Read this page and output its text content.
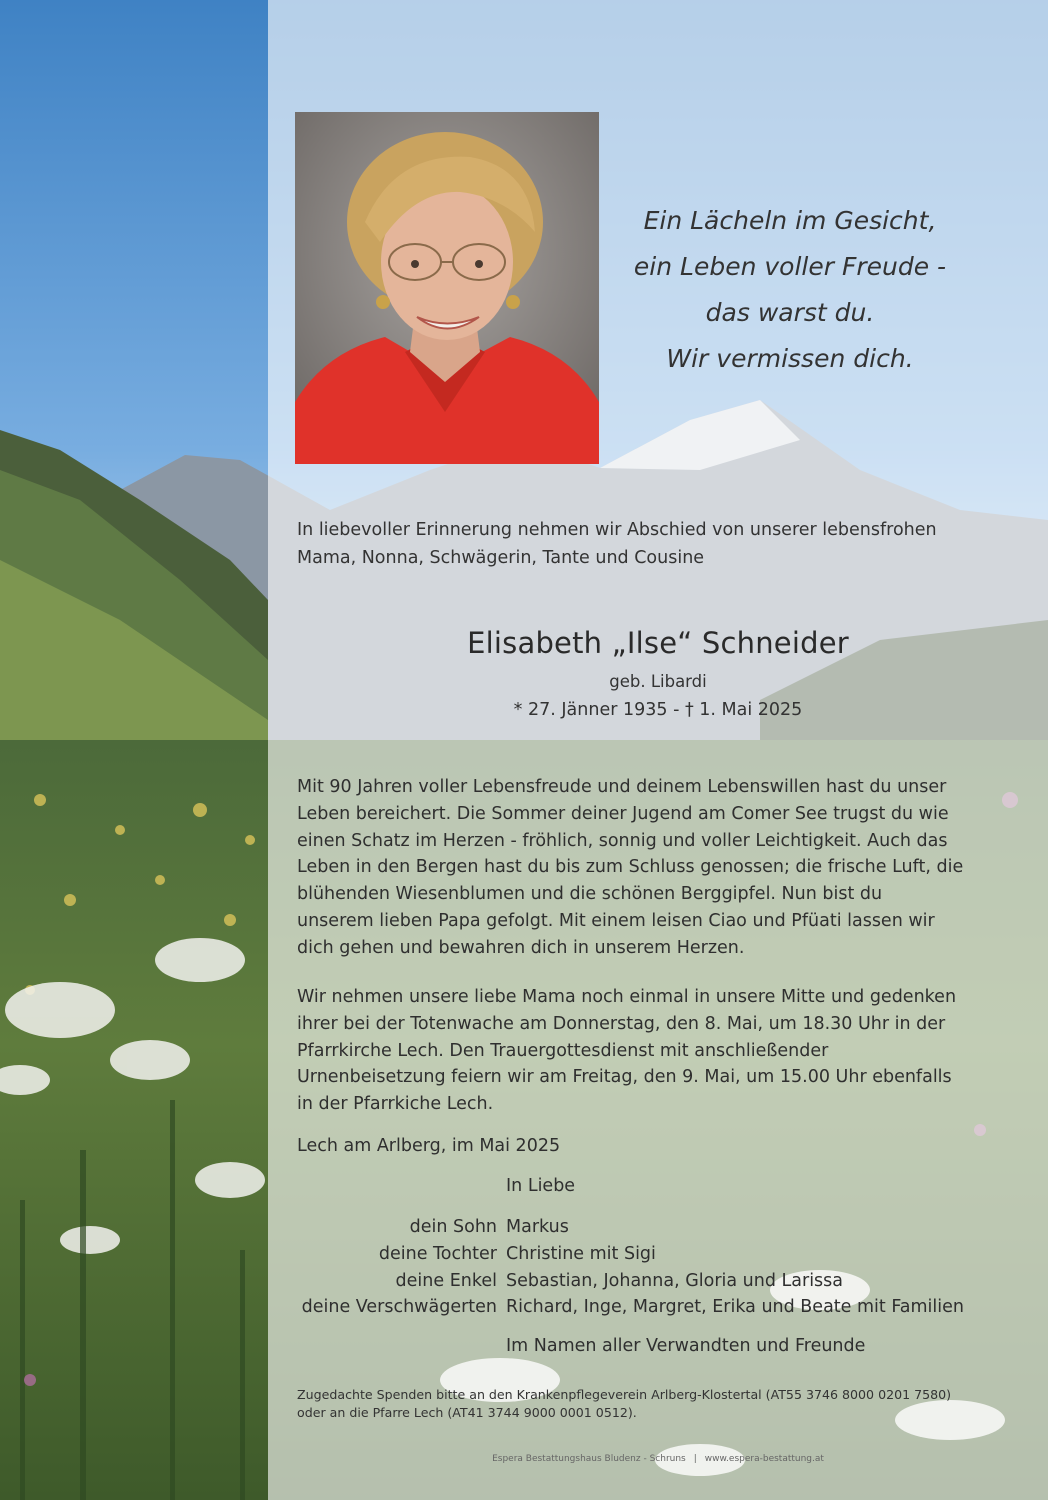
Ein Lächeln im Gesicht,
ein Leben voller Freude -
das warst du.
Wir vermissen dich.
In liebevoller Erinnerung nehmen wir Abschied von unserer lebensfrohen
Mama, Nonna, Schwägerin, Tante und Cousine
Elisabeth „Ilse“ Schneider
geb. Libardi
* 27. Jänner 1935 - † 1. Mai 2025
Mit 90 Jahren voller Lebensfreude und deinem Lebenswillen hast du unser
Leben bereichert. Die Sommer deiner Jugend am Comer See trugst du wie
einen Schatz im Herzen - fröhlich, sonnig und voller Leichtigkeit. Auch das
Leben in den Bergen hast du bis zum Schluss genossen; die frische Luft, die
blühenden Wiesenblumen und die schönen Berggipfel. Nun bist du
unserem lieben Papa gefolgt. Mit einem leisen Ciao und Pfüati lassen wir
dich gehen und bewahren dich in unserem Herzen.
Wir nehmen unsere liebe Mama noch einmal in unsere Mitte und gedenken
ihrer bei der Totenwache am Donnerstag, den 8. Mai, um 18.30 Uhr in der
Pfarrkirche Lech. Den Trauergottesdienst mit anschließender
Urnenbeisetzung feiern wir am Freitag, den 9. Mai, um 15.00 Uhr ebenfalls
in der Pfarrkiche Lech.
Lech am Arlberg, im Mai 2025
In Liebe
dein Sohn Markus
deine Tochter Christine mit Sigi
deine Enkel Sebastian, Johanna, Gloria und Larissa
deine Verschwägerten Richard, Inge, Margret, Erika und Beate mit Familien
Im Namen aller Verwandten und Freunde
Zugedachte Spenden bitte an den Krankenpflegeverein Arlberg-Klostertal (AT55 3746 8000 0201 7580)
oder an die Pfarre Lech (AT41 3744 9000 0001 0512).
Espera Bestattungshaus Bludenz - Schruns | www.espera-bestattung.at
